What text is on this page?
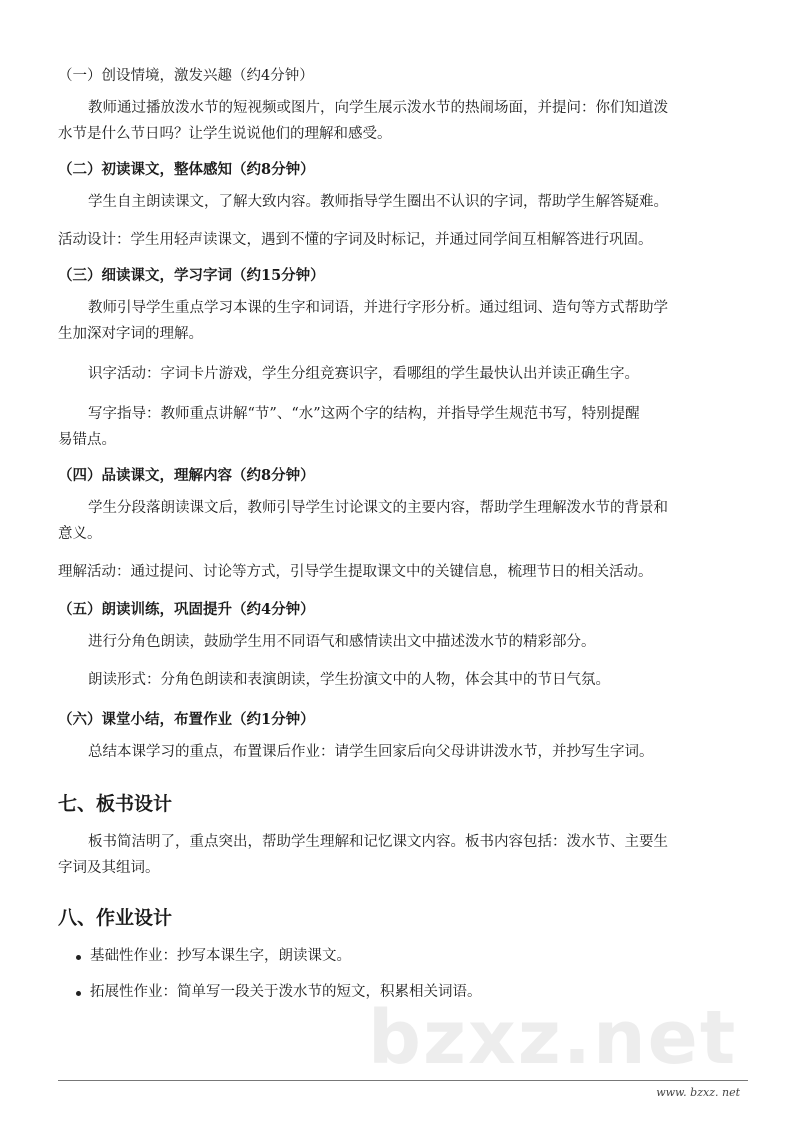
（一）创设情境，激发兴趣（约4分钟）
教师通过播放泼水节的短视频或图片，向学生展示泼水节的热闹场面，并提问：你们知道泼
水节是什么节日吗？让学生说说他们的理解和感受。
（二）初读课文，整体感知（约8分钟）
学生自主朗读课文，了解大致内容。教师指导学生圈出不认识的字词，帮助学生解答疑难。
活动设计：学生用轻声读课文，遇到不懂的字词及时标记，并通过同学间互相解答进行巩固。
（三）细读课文，学习字词（约15分钟）
教师引导学生重点学习本课的生字和词语，并进行字形分析。通过组词、造句等方式帮助学
生加深对字词的理解。
识字活动：字词卡片游戏，学生分组竞赛识字，看哪组的学生最快认出并读正确生字。
写字指导：教师重点讲解“节”、“水”这两个字的结构，并指导学生规范书写，特别提醒
易错点。
（四）品读课文，理解内容（约8分钟）
学生分段落朗读课文后，教师引导学生讨论课文的主要内容，帮助学生理解泼水节的背景和
意义。
理解活动：通过提问、讨论等方式，引导学生提取课文中的关键信息，梳理节日的相关活动。
（五）朗读训练，巩固提升（约4分钟）
进行分角色朗读，鼓励学生用不同语气和感情读出文中描述泼水节的精彩部分。
朗读形式：分角色朗读和表演朗读，学生扮演文中的人物，体会其中的节日气氛。
（六）课堂小结，布置作业（约1分钟）
总结本课学习的重点，布置课后作业：请学生回家后向父母讲讲泼水节，并抄写生字词。
七、板书设计
板书简洁明了，重点突出，帮助学生理解和记忆课文内容。板书内容包括：泼水节、主要生
字词及其组词。
八、作业设计
基础性作业：抄写本课生字，朗读课文。
拓展性作业：简单写一段关于泼水节的短文，积累相关词语。
bzxz.net
www. bzxz. net
